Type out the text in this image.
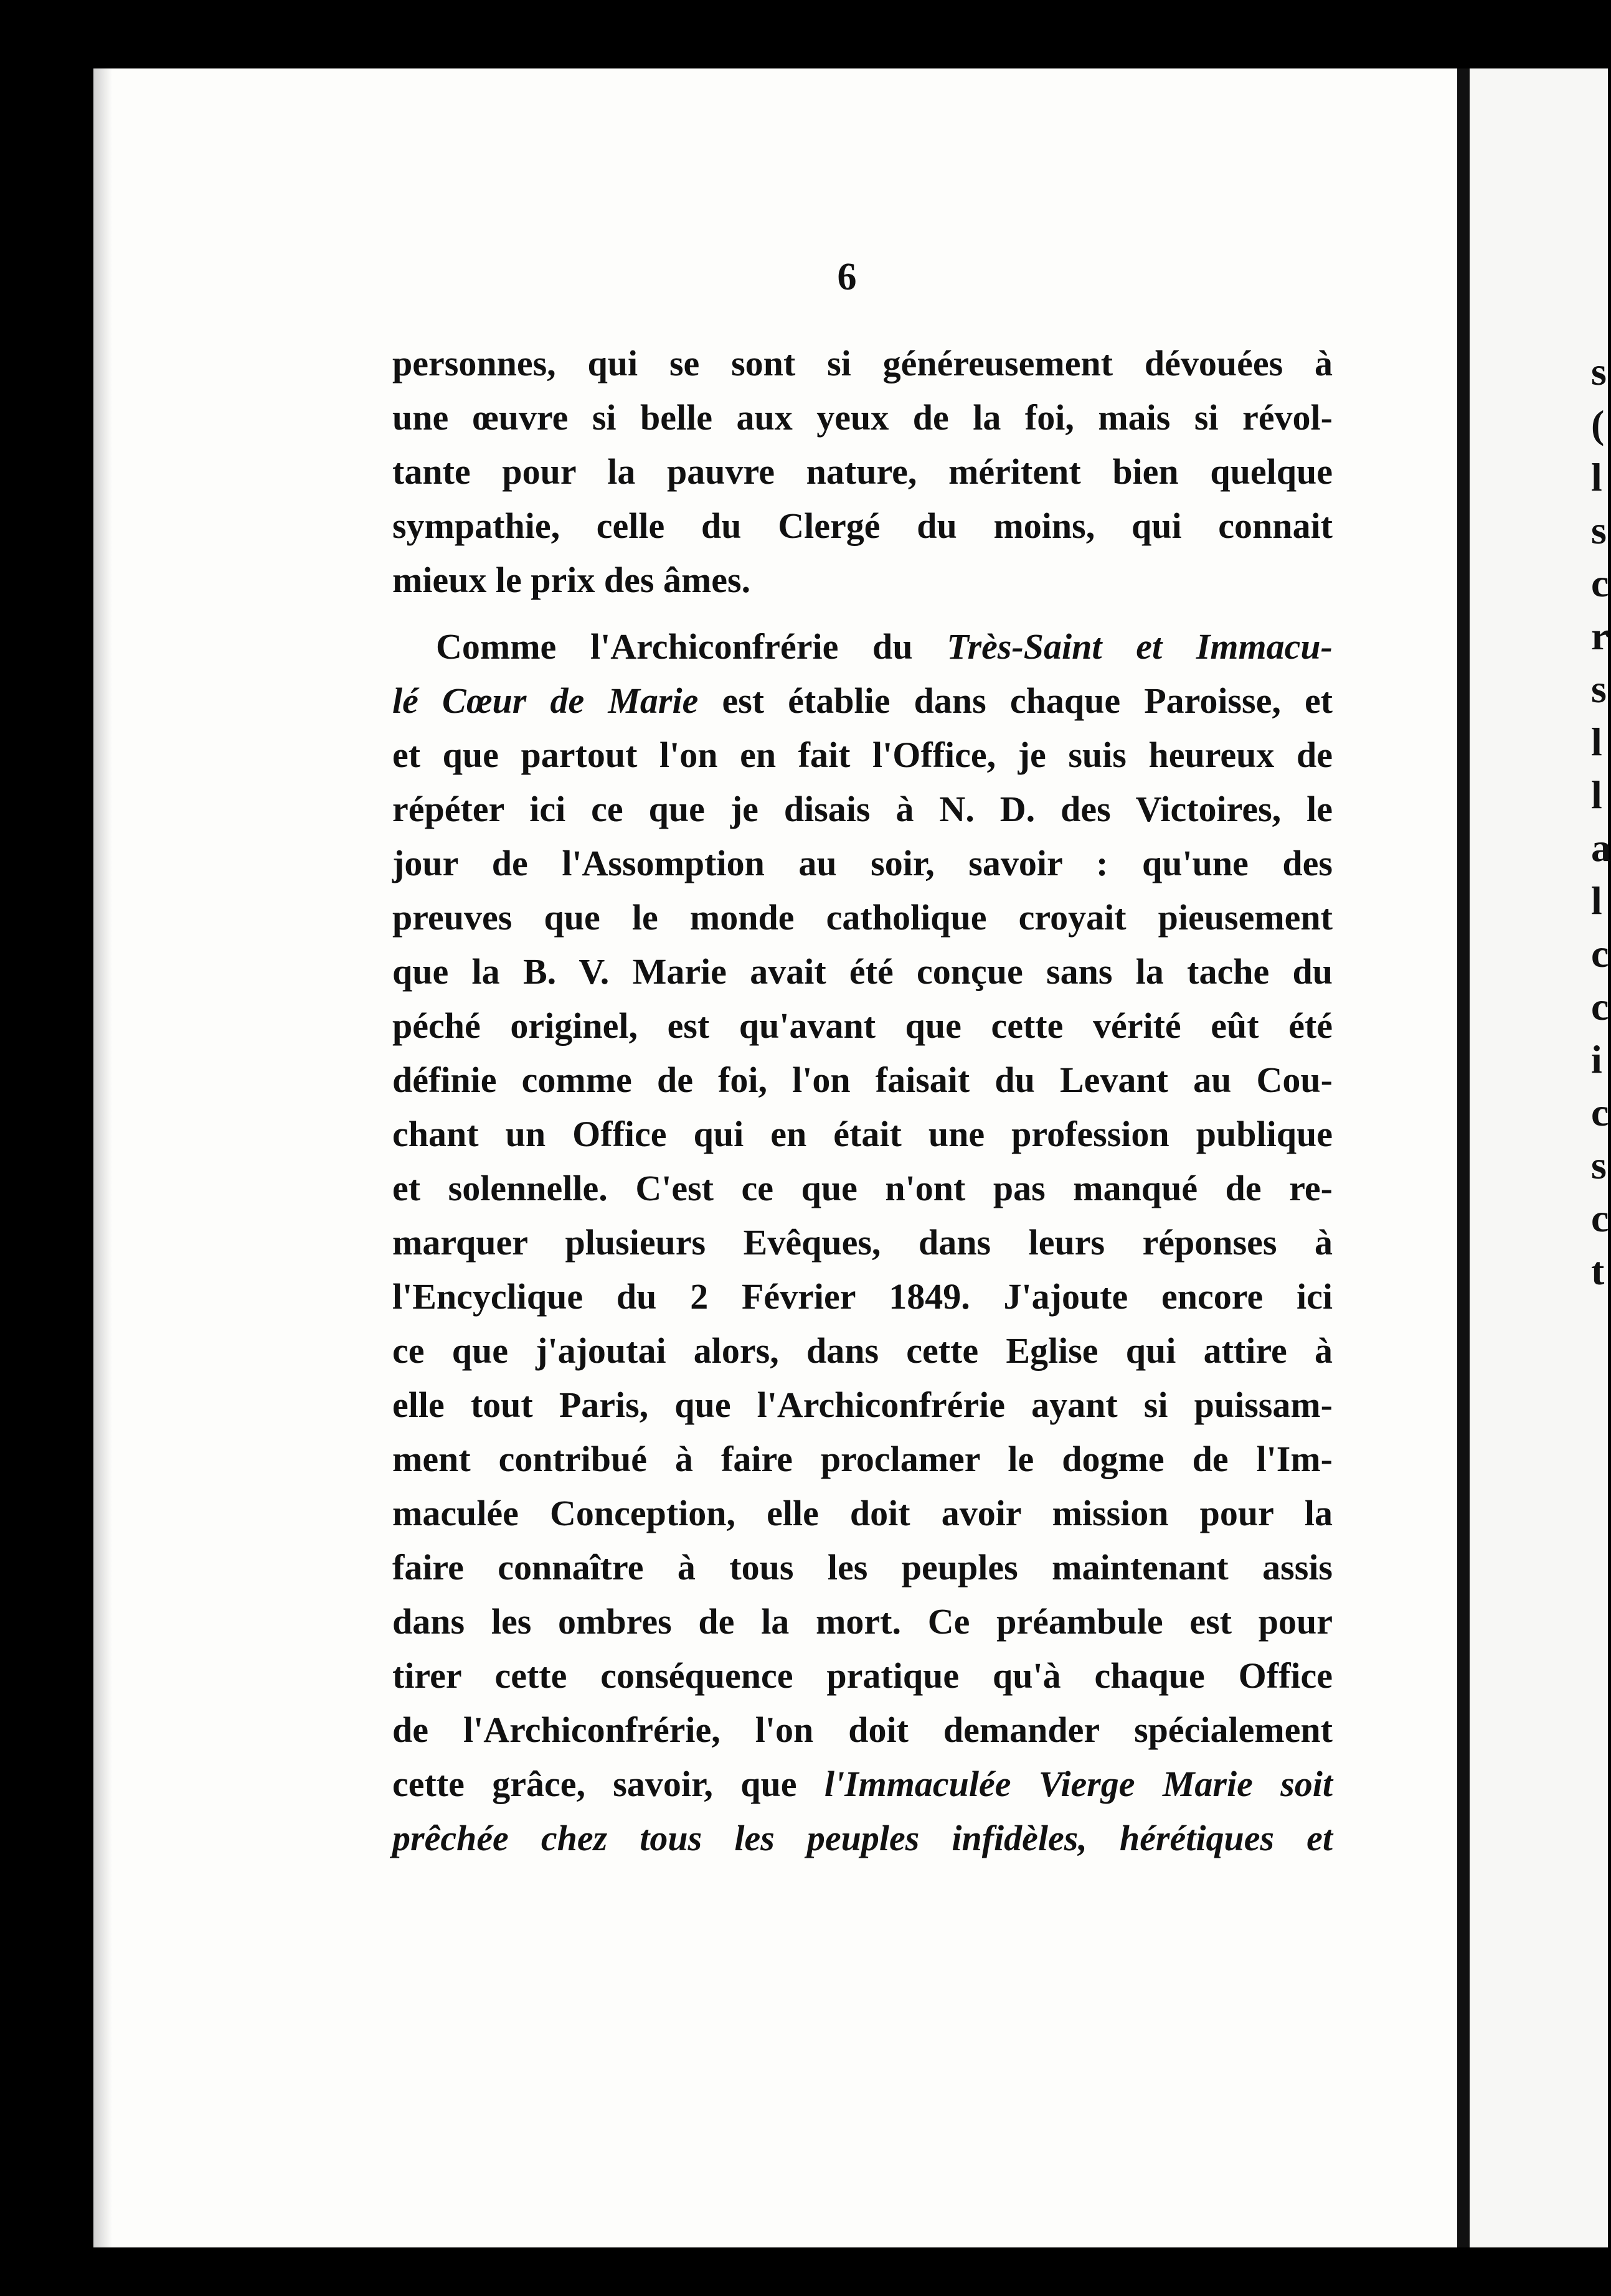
6
personnes, qui se sont si généreusement dévouées à
une œuvre si belle aux yeux de la foi, mais si révol-
tante pour la pauvre nature, méritent bien quelque
sympathie, celle du Clergé du moins, qui connait
mieux le prix des âmes.
Comme l'Archiconfrérie du Très-Saint et Immacu-
lé Cœur de Marie est établie dans chaque Paroisse, et
et que partout l'on en fait l'Office, je suis heureux de
répéter ici ce que je disais à N. D. des Victoires, le
jour de l'Assomption au soir, savoir : qu'une des
preuves que le monde catholique croyait pieusement
que la B. V. Marie avait été conçue sans la tache du
péché originel, est qu'avant que cette vérité eût été
définie comme de foi, l'on faisait du Levant au Cou-
chant un Office qui en était une profession publique
et solennelle. C'est ce que n'ont pas manqué de re-
marquer plusieurs Evêques, dans leurs réponses à
l'Encyclique du 2 Février 1849. J'ajoute encore ici
ce que j'ajoutai alors, dans cette Eglise qui attire à
elle tout Paris, que l'Archiconfrérie ayant si puissam-
ment contribué à faire proclamer le dogme de l'Im-
maculée Conception, elle doit avoir mission pour la
faire connaître à tous les peuples maintenant assis
dans les ombres de la mort. Ce préambule est pour
tirer cette conséquence pratique qu'à chaque Office
de l'Archiconfrérie, l'on doit demander spécialement
cette grâce, savoir, que l'Immaculée Vierge Marie soit
prêchée chez tous les peuples infidèles, hérétiques et
s
(
l
s
c
r
s
l
l
a
l
c
c
i
c
s
c
t
